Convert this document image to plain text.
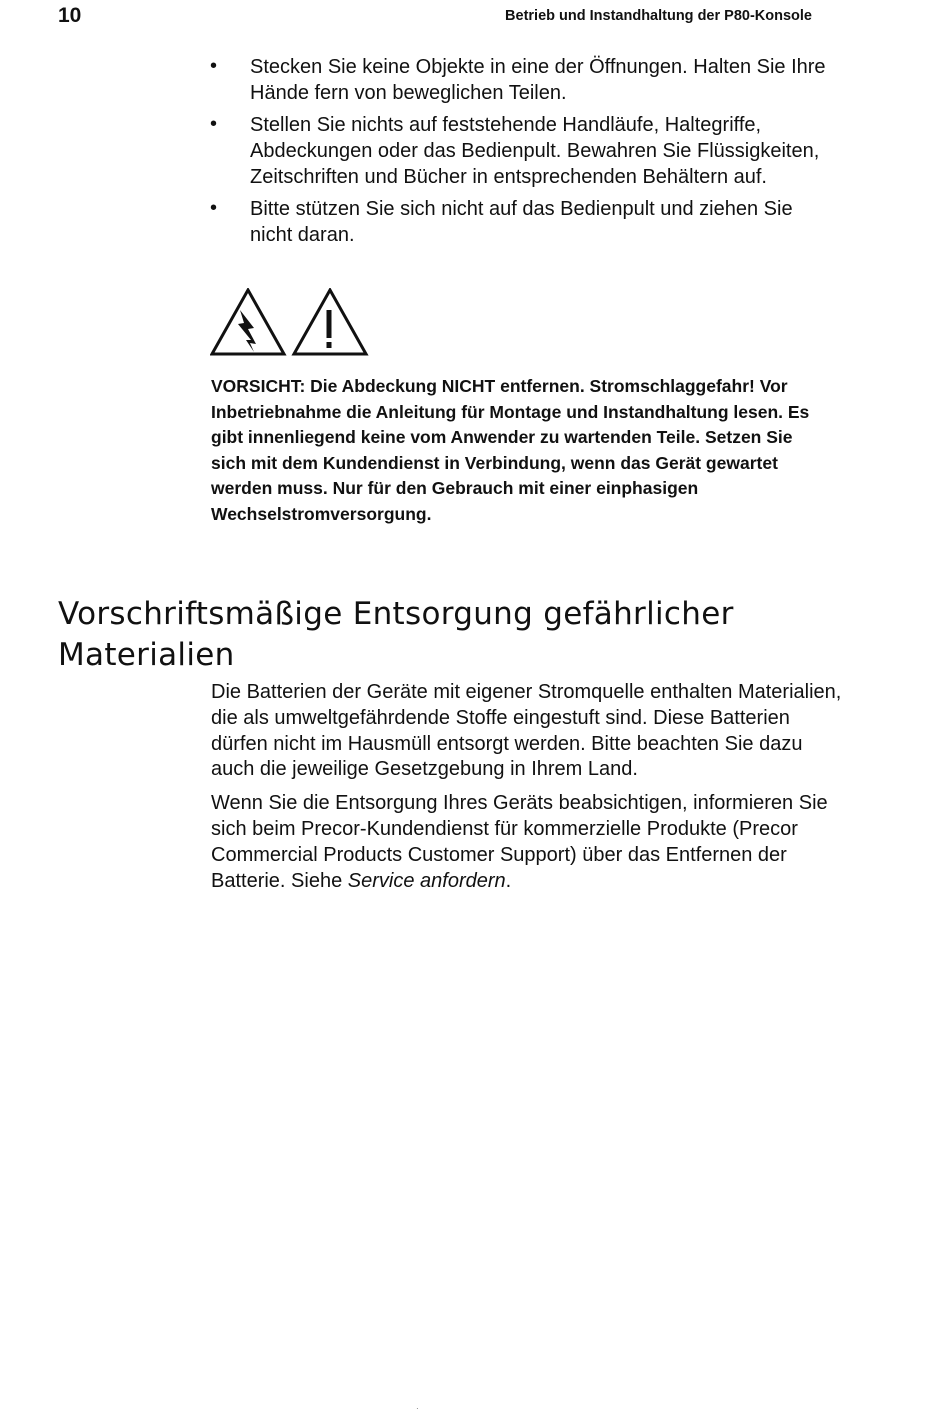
10	Betrieb und Instandhaltung der P80-Konsole
• Stecken Sie keine Objekte in eine der Öffnungen. Halten Sie Ihre Hände fern von beweglichen Teilen.
• Stellen Sie nichts auf feststehende Handläufe, Haltegriffe, Abdeckungen oder das Bedienpult. Bewahren Sie Flüssigkeiten, Zeitschriften und Bücher in entsprechenden Behältern auf.
• Bitte stützen Sie sich nicht auf das Bedienpult und ziehen Sie nicht daran.
VORSICHT: Die Abdeckung NICHT entfernen. Stromschlaggefahr! Vor Inbetriebnahme die Anleitung für Montage und Instandhaltung lesen. Es gibt innenliegend keine vom Anwender zu wartenden Teile. Setzen Sie sich mit dem Kundendienst in Verbindung, wenn das Gerät gewartet werden muss. Nur für den Gebrauch mit einer einphasigen Wechselstromversorgung.
Vorschriftsmäßige Entsorgung gefährlicher Materialien

Die Batterien der Geräte mit eigener Stromquelle enthalten Materialien, die als umweltgefährdende Stoffe eingestuft sind. Diese Batterien dürfen nicht im Hausmüll entsorgt werden. Bitte beachten Sie dazu auch die jeweilige Gesetzgebung in Ihrem Land.

Wenn Sie die Entsorgung Ihres Geräts beabsichtigen, informieren Sie sich beim Precor-Kundendienst für kommerzielle Produkte (Precor Commercial Products Customer Support) über das Entfernen der Batterie. Siehe Service anfordern.

·
